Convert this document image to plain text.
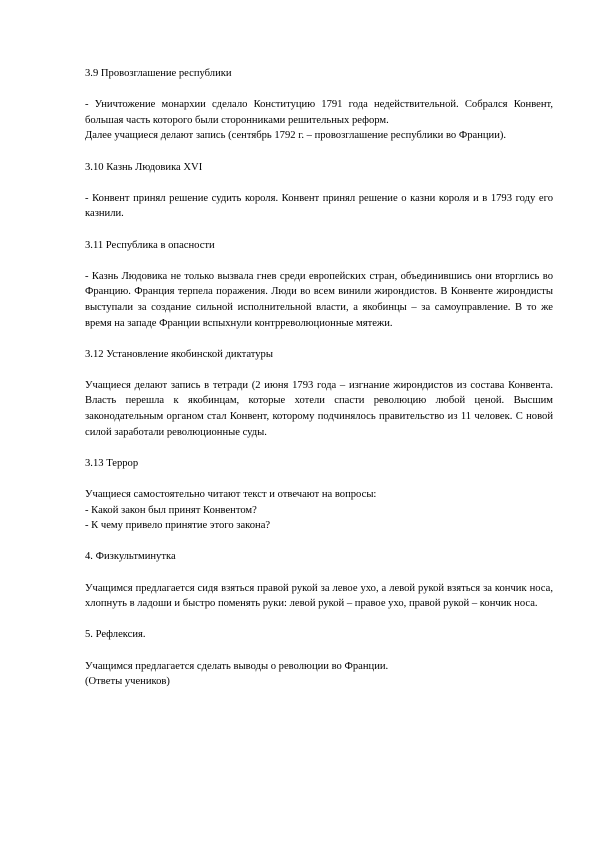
3.9 Провозглашение республики
- Уничтожение монархии сделало Конституцию 1791 года недействительной. Собрался Конвент, большая часть которого были сторонниками решительных реформ.
Далее учащиеся делают запись (сентябрь 1792 г. – провозглашение республики во Франции).
3.10 Казнь Людовика XVI
- Конвент принял решение судить короля. Конвент принял решение о казни короля и в 1793 году его казнили.
3.11 Республика в опасности
- Казнь Людовика не только вызвала гнев среди европейских стран, объединившись они вторглись во Францию. Франция терпела поражения. Люди во всем винили жирондистов. В Конвенте жирондисты выступали за создание сильной исполнительной власти, а якобинцы – за самоуправление. В то же время на западе Франции вспыхнули контрреволюционные мятежи.
3.12 Установление якобинской диктатуры
Учащиеся делают запись в тетради (2 июня 1793 года – изгнание жирондистов из состава Конвента. Власть перешла к якобинцам, которые хотели спасти революцию любой ценой. Высшим законодательным органом стал Конвент, которому подчинялось правительство из 11 человек. С новой силой заработали революционные суды.
3.13 Террор
Учащиеся самостоятельно читают текст и отвечают на вопросы:
- Какой закон был принят Конвентом?
- К чему привело принятие этого закона?
4. Физкультминутка
Учащимся предлагается сидя взяться правой рукой за левое ухо, а левой рукой взяться за кончик носа, хлопнуть в ладоши и быстро поменять руки: левой рукой – правое ухо, правой рукой – кончик носа.
5. Рефлексия.
Учащимся предлагается сделать выводы о революции во Франции.
(Ответы учеников)
